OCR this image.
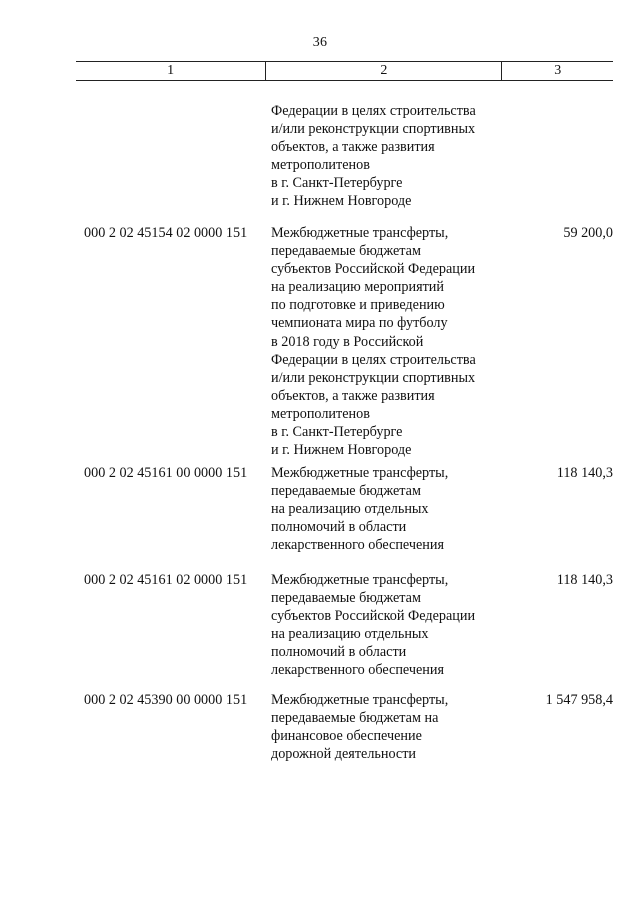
36
1	2	3
Федерации в целях строительства
и/или реконструкции спортивных
объектов, а также развития
метрополитенов
в г. Санкт-Петербурге
и г. Нижнем Новгороде
000 2 02 45154 02 0000 151 Межбюджетные трансферты,
передаваемые бюджетам
субъектов Российской Федерации
на реализацию мероприятий
по подготовке и приведению
чемпионата мира по футболу
в 2018 году в Российской
Федерации в целях строительства
и/или реконструкции спортивных
объектов, а также развития
метрополитенов
в г. Санкт-Петербурге
и г. Нижнем Новгороде
59 200,0
000 2 02 45161 00 0000 151 Межбюджетные трансферты,
передаваемые бюджетам
на реализацию отдельных
полномочий в области
лекарственного обеспечения
118 140,3
000 2 02 45161 02 0000 151 Межбюджетные трансферты,
передаваемые бюджетам
субъектов Российской Федерации
на реализацию отдельных
полномочий в области
лекарственного обеспечения
118 140,3
000 2 02 45390 00 0000 151 Межбюджетные трансферты,
передаваемые бюджетам на
финансовое обеспечение
дорожной деятельности
1 547 958,4
